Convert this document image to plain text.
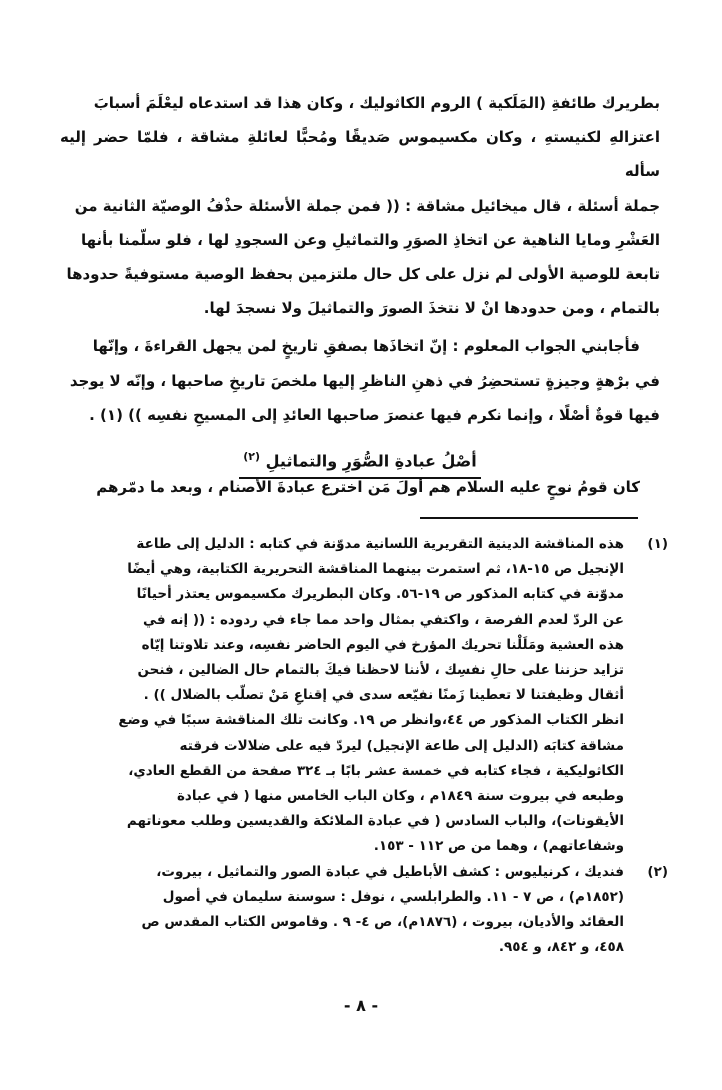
بطريرك طائفةِ (المَلَكية ) الروم الكاثوليك ، وكان هذا قد استدعاه ليعْلَمَ أسبابَ

اعتزالهِ لكنيستهِ ، وكان مكسيموس صَديقًا ومُحبًّا لعائلةِ مشاقة ، فلمّا حضر إليه سأله

جملة أسئلة ، قال ميخائيل مشاقة : (( فمن جملة الأسئلة حذْفُ الوصيّة الثانية من

العَشْرِ ومايا الناهية عن اتخاذِ الصوَرِ والتماثيلِ وعن السجودِ لها ، فلو سلّمنا بأنها

تابعة للوصية الأولى لم نزل على كل حال ملتزمين بحفظ الوصية مستوفيةً حدودها

بالتمام ، ومن حدودها انْ لا نتخذَ الصورَ والتماثيلَ ولا نسجدَ لها.

فأجابني الجواب المعلوم : إنّ اتخاذَها بصفقِ تاريخٍ لمن يجهل القراءةَ ، وإنّها

في برْهةٍ وجيزةٍ تستحضِرُ في ذهنِ الناظرِ إليها ملخصَ تاريخِ صاحبها ، وإنّه لا يوجد

فيها قوةٌ أصْلًا ، وإنما نكرم فيها عنصرَ صاحبها العائدِ إلى المسيحِ نفسِه )) (١) .

أصْلُ عبادةِ الصُّوَرِ والتماثيلِ $^{(٢)}$

كان قومُ نوحٍ عليه السلام هم أولَ مَن اخترع عبادةَ الأصنام ، وبعد ما دمّرهم

(١)

هذه المناقشة الدينية التقريرية اللسانية مدوّنة في كتابه : الدليل إلى طاعة

الإنجيل ص ١٥-١٨، ثم استمرت بينهما المناقشة التحريرية الكتابية، وهي أيضًا

مدوّنة في كتابه المذكور ص ١٩-٥٦. وكان البطريرك مكسيموس يعتذر أحيانًا

عن الردّ لعدم الفرصة ، واكتفي بمثال واحد مما جاء في ردوده : (( إنه في

هذه العشية ومَلَلْنا تحريك المؤرخ في اليوم الحاضر نفسِه، وعند تلاوتنا إيّاه

تزايد حزننا على حالِ نفسِك ، لأننا لاحظنا فيكَ بالتمام حال الضالين ، فنحن

أثقال وظيفتنا لا تعطينا زَمنًا نفيّعه سدى في إقناعِ مَنْ تصلّب بالضلال )) .

انظر الكتاب المذكور ص ٤٤،وانظر ص ١٩. وكانت تلك المناقشة سببًا في وضع

مشاقة كتابَه (الدليل إلى طاعة الإنجيل) ليردّ فيه على ضلالات فرقته

الكاثوليكية ، فجاء كتابه في خمسة عشر بابًا بـ ٣٢٤ صفحة من القطع العادي،

وطبعه في بيروت سنة ١٨٤٩م ، وكان الباب الخامس منها ( في عبادة

الأيقونات)، والباب السادس ( في عبادة الملائكة والقديسين وطلب معوناتهم

وشفاعاتهم) ، وهما من ص ١١٢ - ١٥٣.

(٢)

فنديك ، كرنيليوس : كشف الأباطيل في عبادة الصور والتماثيل ، بيروت،

(١٨٥٢م) ، ص ٧ - ١١. والطرابلسي ، نوفل : سوسنة سليمان في أصول

العقائد والأديان، بيروت ، (١٨٧٦م)، ص ٤- ٩ . وقاموس الكتاب المقدس ص

٤٥٨، و ٨٤٢، و ٩٥٤.

- ٨ -
